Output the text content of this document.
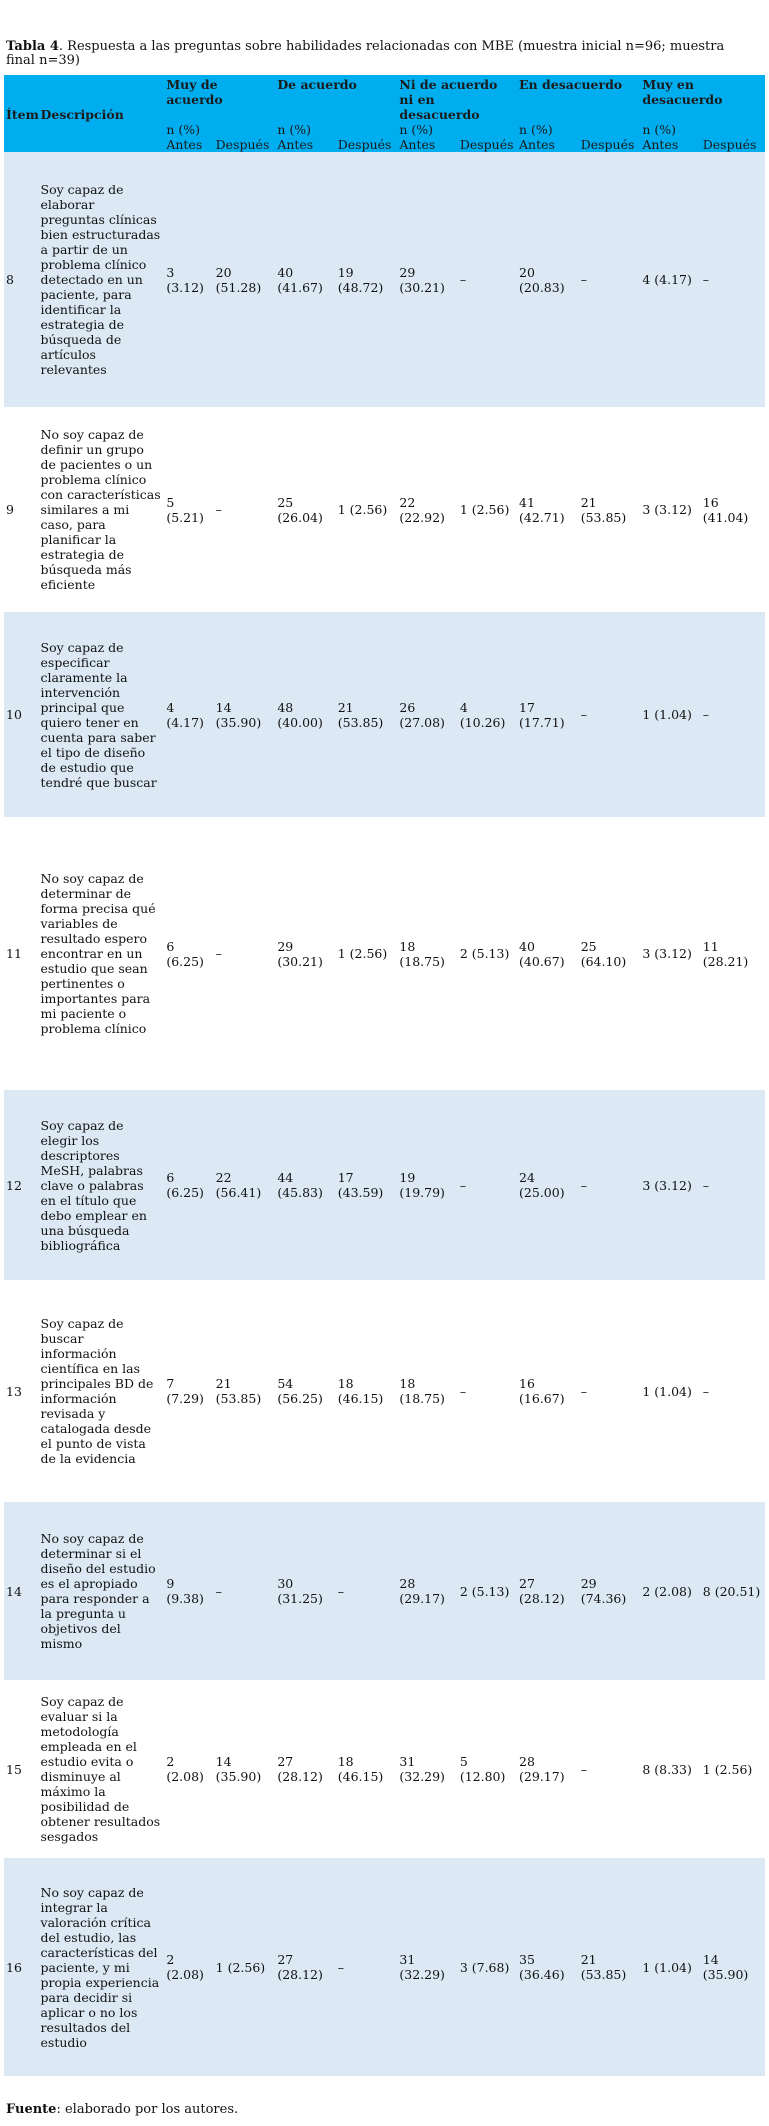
Tabla 4. Respuesta a las preguntas sobre habilidades relacionadas con MBE (muestra inicial n=96; muestra final n=39)
Ítem	Descripción	Muy de acuerdo		De acuerdo		Ni de acuerdo ni en desacuerdo		En desacuerdo		Muy en desacuerdo	
		n (%)
Antes	Después	n (%)
Antes	Después	n (%)
Antes	Después	n (%)
Antes	Después	n (%)
Antes	Después
8	Soy capaz de elaborar preguntas clínicas bien estructuradas a partir de un problema clínico detectado en un paciente, para identificar la estrategia de búsqueda de artículos relevantes	3 (3.12)	20 (51.28)	40 (41.67)	19 (48.72)	29 (30.21)	–	20 (20.83)	–	4 (4.17)	–
9	No soy capaz de definir un grupo de pacientes o un problema clínico con características similares a mi caso, para planificar la estrategia de búsqueda más eficiente	5 (5.21)	–	25 (26.04)	1 (2.56)	22 (22.92)	1 (2.56)	41 (42.71)	21 (53.85)	3 (3.12)	16 (41.04)
10	Soy capaz de especificar claramente la intervención principal que quiero tener en cuenta para saber el tipo de diseño de estudio que tendré que buscar	4 (4.17)	14 (35.90)	48 (40.00)	21 (53.85)	26 (27.08)	4 (10.26)	17 (17.71)	–	1 (1.04)	–
11	No soy capaz de determinar de forma precisa qué variables de resultado espero encontrar en un estudio que sean pertinentes o importantes para mi paciente o problema clínico	6 (6.25)	–	29 (30.21)	1 (2.56)	18 (18.75)	2 (5.13)	40 (40.67)	25 (64.10)	3 (3.12)	11 (28.21)
12	Soy capaz de elegir los descriptores MeSH, palabras clave o palabras en el título que debo emplear en una búsqueda bibliográfica	6 (6.25)	22 (56.41)	44 (45.83)	17 (43.59)	19 (19.79)	–	24 (25.00)	–	3 (3.12)	–
13	Soy capaz de buscar información científica en las principales BD de información revisada y catalogada desde el punto de vista de la evidencia	7 (7.29)	21 (53.85)	54 (56.25)	18 (46.15)	18 (18.75)	–	16 (16.67)	–	1 (1.04)	–
14	No soy capaz de determinar si el diseño del estudio es el apropiado para responder a la pregunta u objetivos del mismo	9 (9.38)	–	30 (31.25)	–	28 (29.17)	2 (5.13)	27 (28.12)	29 (74.36)	2 (2.08)	8 (20.51)
15	Soy capaz de evaluar si la metodología empleada en el estudio evita o disminuye al máximo la posibilidad de obtener resultados sesgados	2 (2.08)	14 (35.90)	27 (28.12)	18 (46.15)	31 (32.29)	5 (12.80)	28 (29.17)	–	8 (8.33)	1 (2.56)
16	No soy capaz de integrar la valoración crítica del estudio, las características del paciente, y mi propia experiencia para decidir si aplicar o no los resultados del estudio	2 (2.08)	1 (2.56)	27 (28.12)	–	31 (32.29)	3 (7.68)	35 (36.46)	21 (53.85)	1 (1.04)	14 (35.90)
Fuente: elaborado por los autores.
